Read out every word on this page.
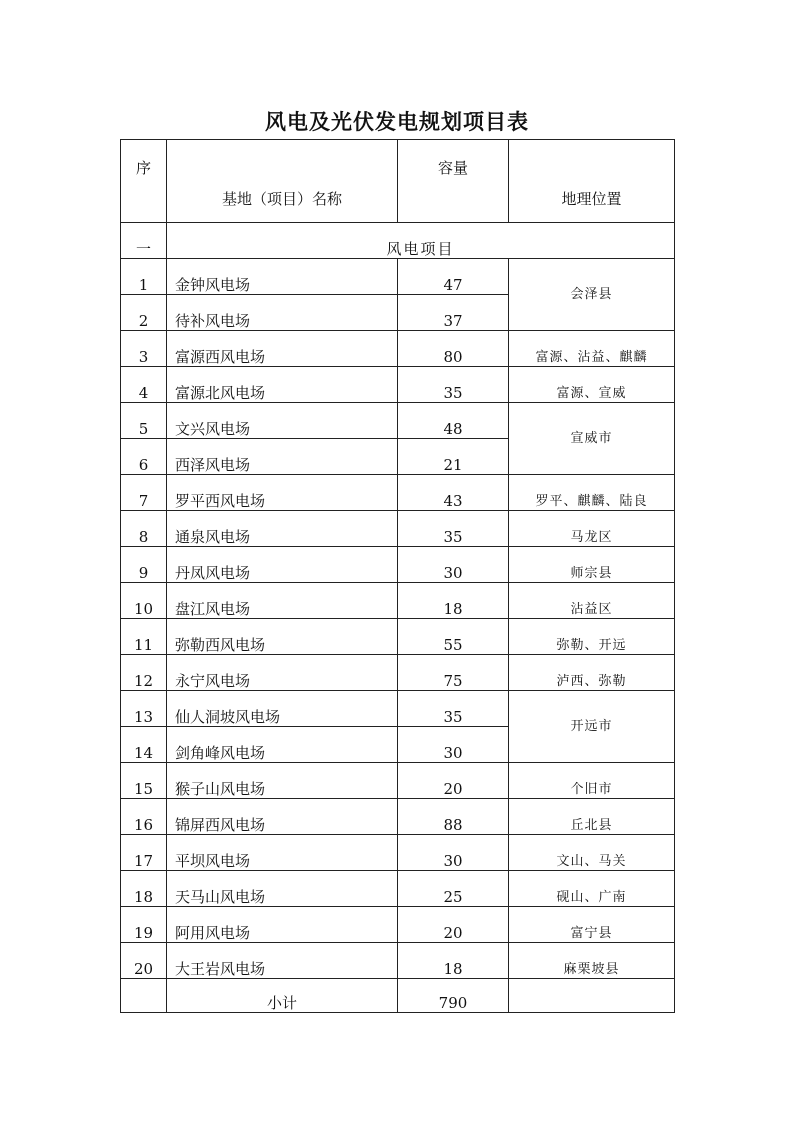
风电及光伏发电规划项目表
序	基地（项目）名称	容量	地理位置
一	风电项目		
1	金钟风电场	47	会泽县
2	待补风电场	37	
3	富源西风电场	80	富源、沾益、麒麟
4	富源北风电场	35	富源、宣威
5	文兴风电场	48	宣威市
6	西泽风电场	21	
7	罗平西风电场	43	罗平、麒麟、陆良
8	通泉风电场	35	马龙区
9	丹凤风电场	30	师宗县
10	盘江风电场	18	沾益区
11	弥勒西风电场	55	弥勒、开远
12	永宁风电场	75	泸西、弥勒
13	仙人洞坡风电场	35	开远市
14	剑角峰风电场	30	
15	猴子山风电场	20	个旧市
16	锦屏西风电场	88	丘北县
17	平坝风电场	30	文山、马关
18	天马山风电场	25	砚山、广南
19	阿用风电场	20	富宁县
20	大王岩风电场	18	麻栗坡县
	小计	790	
